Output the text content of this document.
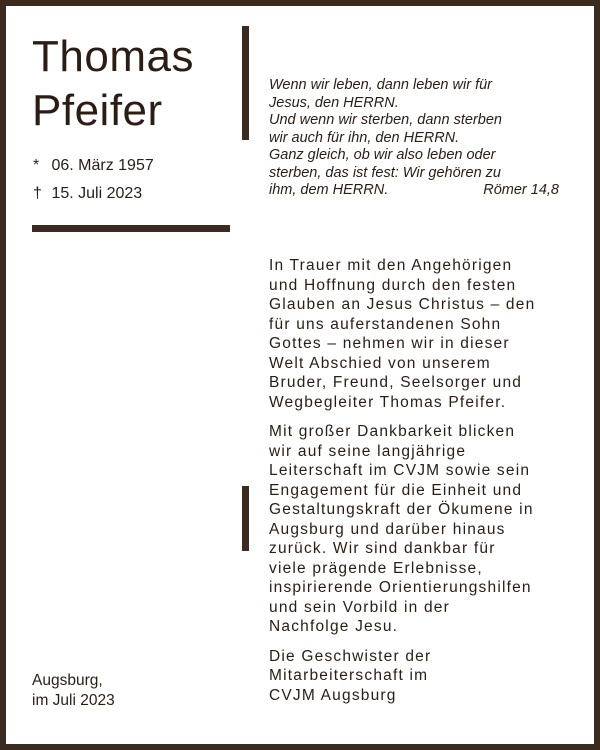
Thomas
Pfeifer
* 06. März 1957
† 15. Juli 2023
Wenn wir leben, dann leben wir für
Jesus, den HERRN.
Und wenn wir sterben, dann sterben
wir auch für ihn, den HERRN.
Ganz gleich, ob wir also leben oder
sterben, das ist fest: Wir gehören zu
ihm, dem HERRN.	Römer 14,8

In Trauer mit den Angehörigen
und Hoffnung durch den festen
Glauben an Jesus Christus – den
für uns auferstandenen Sohn
Gottes – nehmen wir in dieser
Welt Abschied von unserem
Bruder, Freund, Seelsorger und
Wegbegleiter Thomas Pfeifer.

Mit großer Dankbarkeit blicken
wir auf seine langjährige
Leiterschaft im CVJM sowie sein
Engagement für die Einheit und
Gestaltungskraft der Ökumene in
Augsburg und darüber hinaus
zurück. Wir sind dankbar für
viele prägende Erlebnisse,
inspirierende Orientierungshilfen
und sein Vorbild in der
Nachfolge Jesu.

Die Geschwister der
Mitarbeiterschaft im
CVJM Augsburg

Augsburg,
im Juli 2023
